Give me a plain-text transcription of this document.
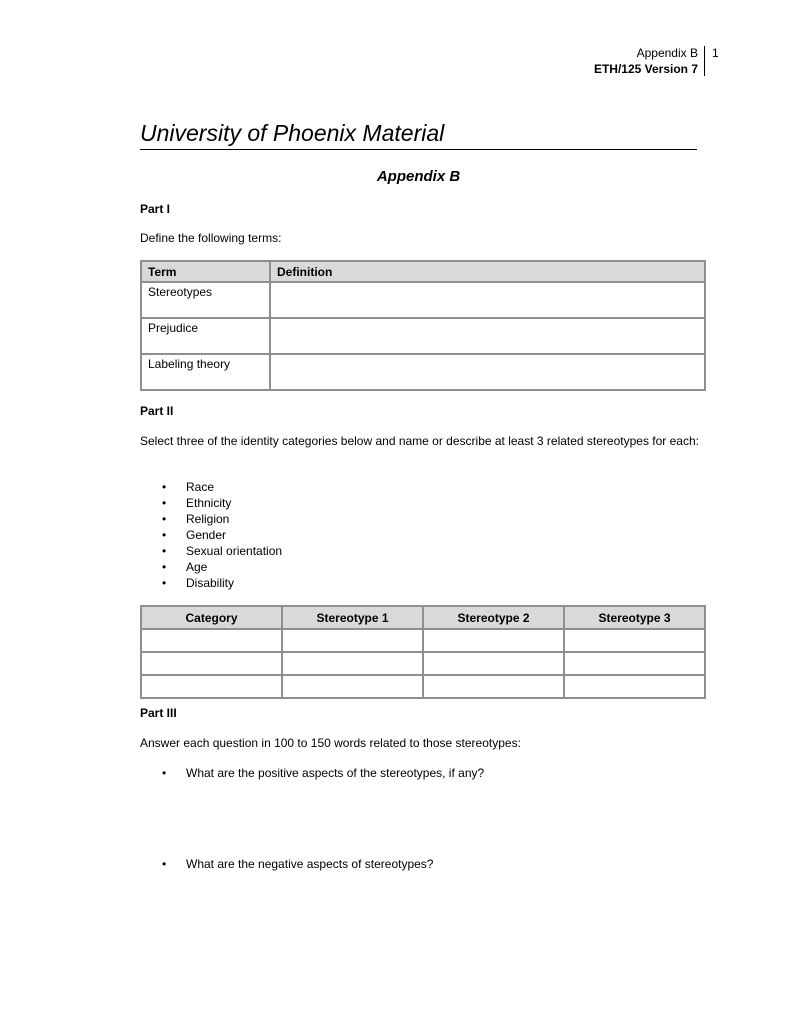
Appendix B
ETH/125 Version 7
1
University of Phoenix Material
Appendix B
Part I
Define the following terms:
Term	Definition
Stereotypes	
Prejudice	
Labeling theory	
Part II
Select three of the identity categories below and name or describe at least 3 related stereotypes for each:
• Race
• Ethnicity
• Religion
• Gender
• Sexual orientation
• Age
• Disability
Category	Stereotype 1	Stereotype 2	Stereotype 3

Part III
Answer each question in 100 to 150 words related to those stereotypes:
• What are the positive aspects of the stereotypes, if any?
• What are the negative aspects of stereotypes?
